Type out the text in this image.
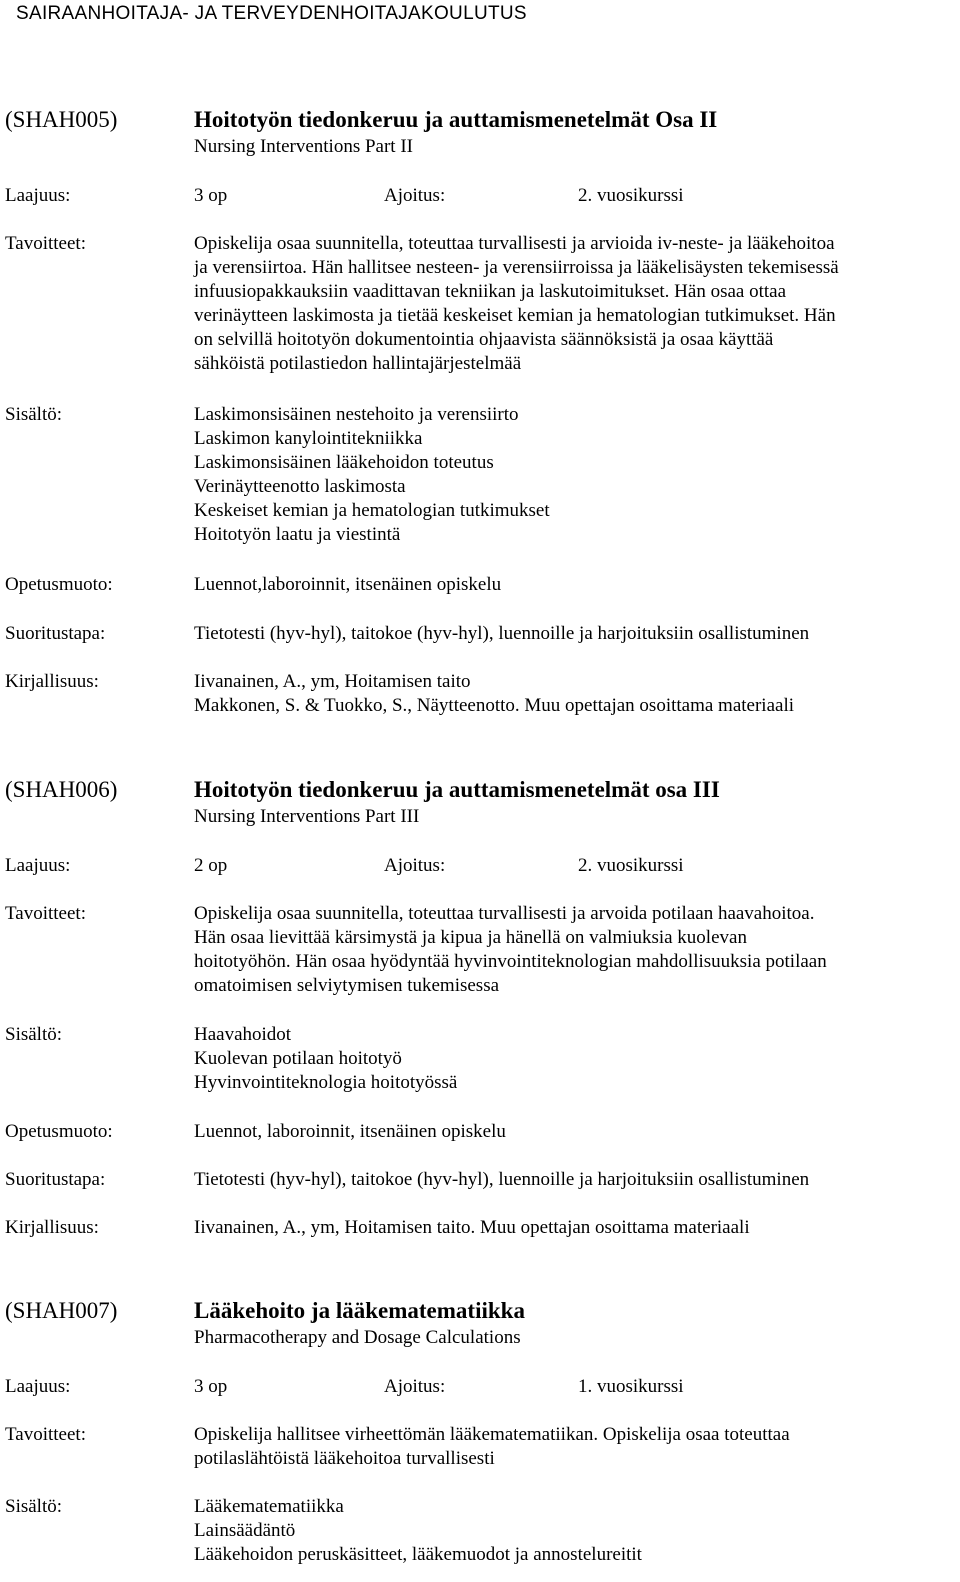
SAIRAANHOITAJA- JA TERVEYDENHOITAJAKOULUTUS
(SHAH005)	Hoitotyön tiedonkeruu ja auttamismenetelmät Osa II
Nursing Interventions Part II
Laajuus:	3 op	Ajoitus:	2. vuosikurssi
Tavoitteet:	Opiskelija osaa suunnitella, toteuttaa turvallisesti ja arvioida iv-neste- ja lääkehoitoa
ja verensiirtoa. Hän hallitsee nesteen- ja verensiirroissa ja lääkelisäysten tekemisessä
infuusiopakkauksiin vaadittavan tekniikan ja laskutoimitukset. Hän osaa ottaa
verinäytteen laskimosta ja tietää keskeiset kemian ja hematologian tutkimukset. Hän
on selvillä hoitotyön dokumentointia ohjaavista säännöksistä ja osaa käyttää
sähköistä potilastiedon hallintajärjestelmää
Sisältö:	Laskimonsisäinen nestehoito ja verensiirto
Laskimon kanylointitekniikka
Laskimonsisäinen lääkehoidon toteutus
Verinäytteenotto laskimosta
Keskeiset kemian ja hematologian tutkimukset
Hoitotyön laatu ja viestintä
Opetusmuoto:	Luennot,laboroinnit, itsenäinen opiskelu
Suoritustapa:	Tietotesti (hyv-hyl), taitokoe (hyv-hyl), luennoille ja harjoituksiin osallistuminen
Kirjallisuus:	Iivanainen, A., ym, Hoitamisen taito
Makkonen, S. & Tuokko, S., Näytteenotto. Muu opettajan osoittama materiaali
(SHAH006)	Hoitotyön tiedonkeruu ja auttamismenetelmät osa III
Nursing Interventions Part III
Laajuus:	2 op	Ajoitus:	2. vuosikurssi
Tavoitteet:	Opiskelija osaa suunnitella, toteuttaa turvallisesti ja arvoida potilaan haavahoitoa.
Hän osaa lievittää kärsimystä ja kipua ja hänellä on valmiuksia kuolevan
hoitotyöhön. Hän osaa hyödyntää hyvinvointiteknologian mahdollisuuksia potilaan
omatoimisen selviytymisen tukemisessa
Sisältö:	Haavahoidot
Kuolevan potilaan hoitotyö
Hyvinvointiteknologia hoitotyössä
Opetusmuoto:	Luennot, laboroinnit, itsenäinen opiskelu
Suoritustapa:	Tietotesti (hyv-hyl), taitokoe (hyv-hyl), luennoille ja harjoituksiin osallistuminen
Kirjallisuus:	Iivanainen, A., ym, Hoitamisen taito. Muu opettajan osoittama materiaali
(SHAH007)	Lääkehoito ja lääkematematiikka
Pharmacotherapy and Dosage Calculations
Laajuus:	3 op	Ajoitus:	1. vuosikurssi
Tavoitteet:	Opiskelija hallitsee virheettömän lääkematematiikan. Opiskelija osaa toteuttaa
potilaslähtöistä lääkehoitoa turvallisesti
Sisältö:	Lääkematematiikka
Lainsäädäntö
Lääkehoidon peruskäsitteet, lääkemuodot ja annostelureitit
